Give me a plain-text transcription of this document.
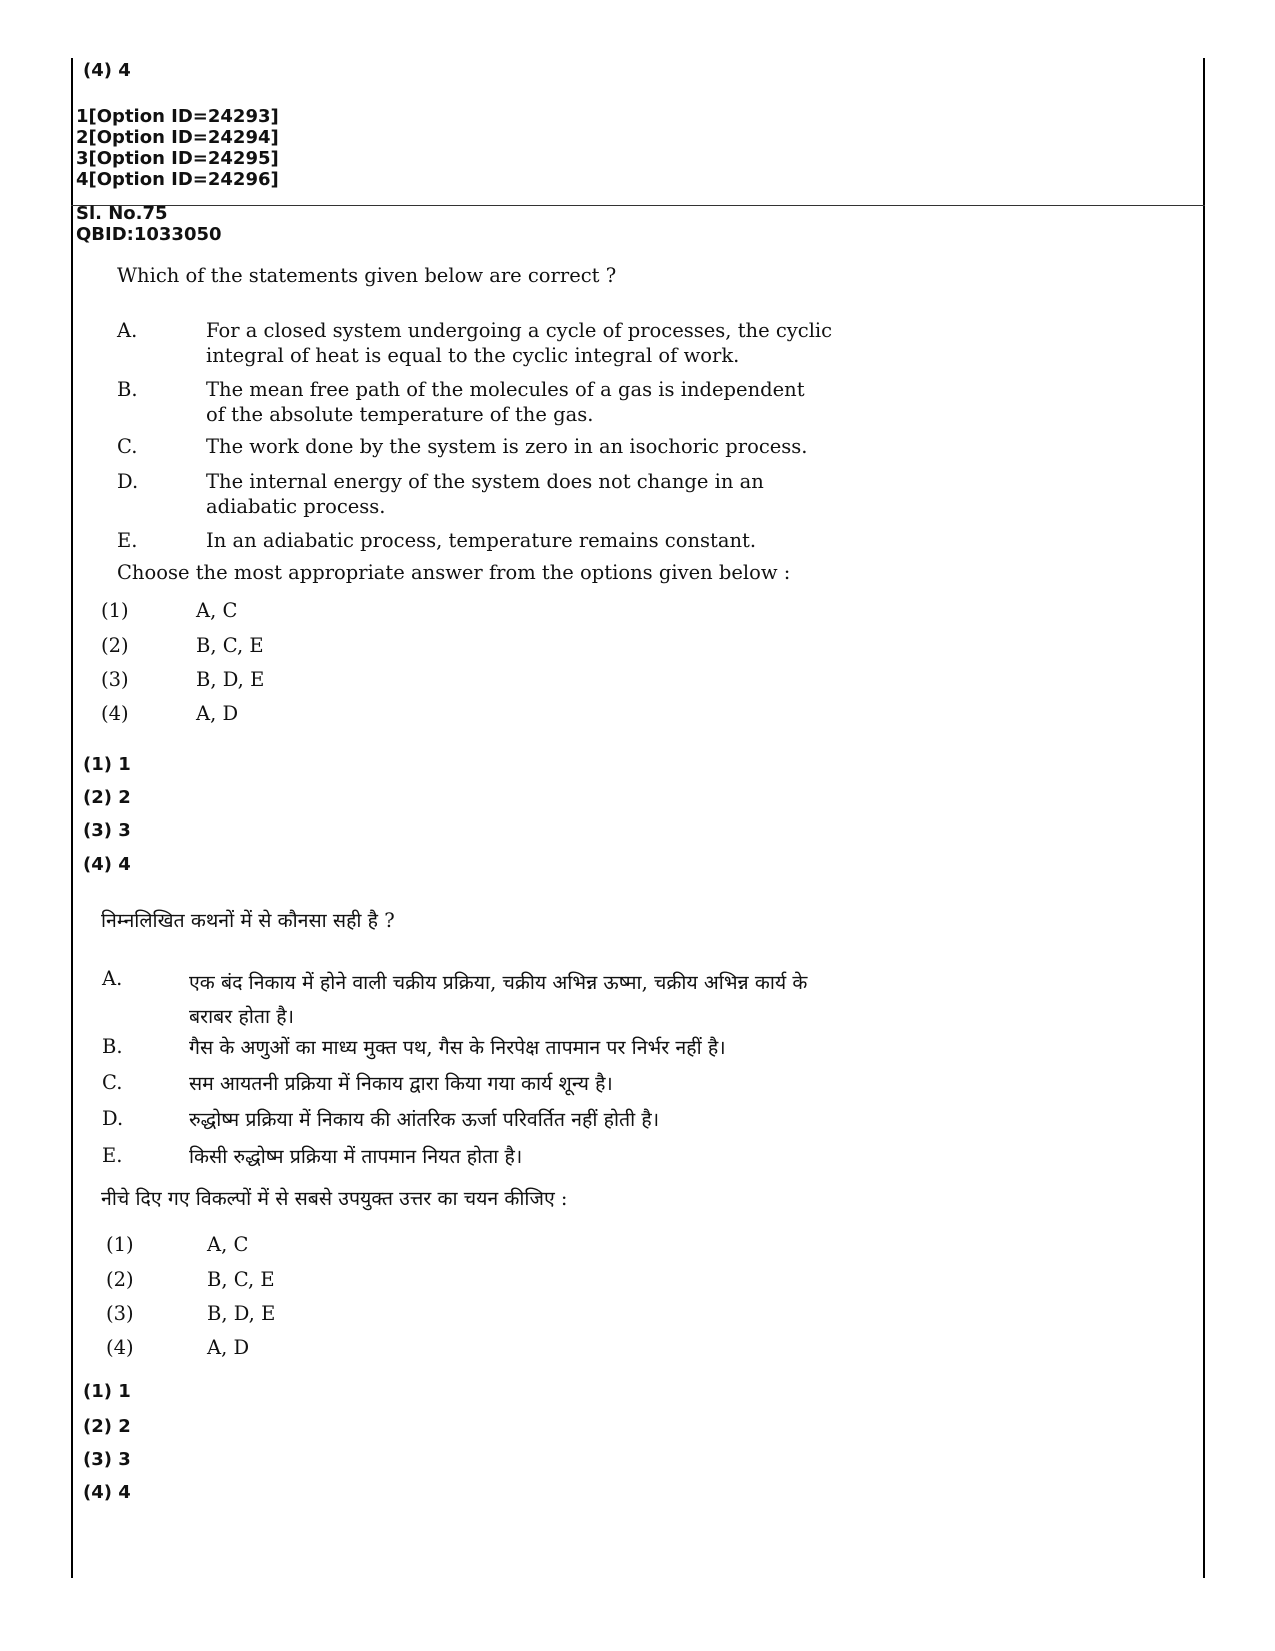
(4) 4
1[Option ID=24293]
2[Option ID=24294]
3[Option ID=24295]
4[Option ID=24296]
Sl. No.75
QBID:1033050
Which of the statements given below are correct ?
A.	For a closed system undergoing a cycle of processes, the cyclic integral of heat is equal to the cyclic integral of work.
B.	The mean free path of the molecules of a gas is independent of the absolute temperature of the gas.
C.	The work done by the system is zero in an isochoric process.
D.	The internal energy of the system does not change in an adiabatic process.
E.	In an adiabatic process, temperature remains constant.
Choose the most appropriate answer from the options given below :
(1)	A, C
(2)	B, C, E
(3)	B, D, E
(4)	A, D
(1) 1
(2) 2
(3) 3
(4) 4
निम्नलिखित कथनों में से कौनसा सही है ?
A.	एक बंद निकाय में होने वाली चक्रीय प्रक्रिया, चक्रीय अभिन्न ऊष्मा, चक्रीय अभिन्न कार्य के बराबर होता है।
B.	गैस के अणुओं का माध्य मुक्त पथ, गैस के निरपेक्ष तापमान पर निर्भर नहीं है।
C.	सम आयतनी प्रक्रिया में निकाय द्वारा किया गया कार्य शून्य है।
D.	रुद्धोष्म प्रक्रिया में निकाय की आंतरिक ऊर्जा परिवर्तित नहीं होती है।
E.	किसी रुद्धोष्म प्रक्रिया में तापमान नियत होता है।
नीचे दिए गए विकल्पों में से सबसे उपयुक्त उत्तर का चयन कीजिए :
(1)	A, C
(2)	B, C, E
(3)	B, D, E
(4)	A, D
(1) 1
(2) 2
(3) 3
(4) 4
